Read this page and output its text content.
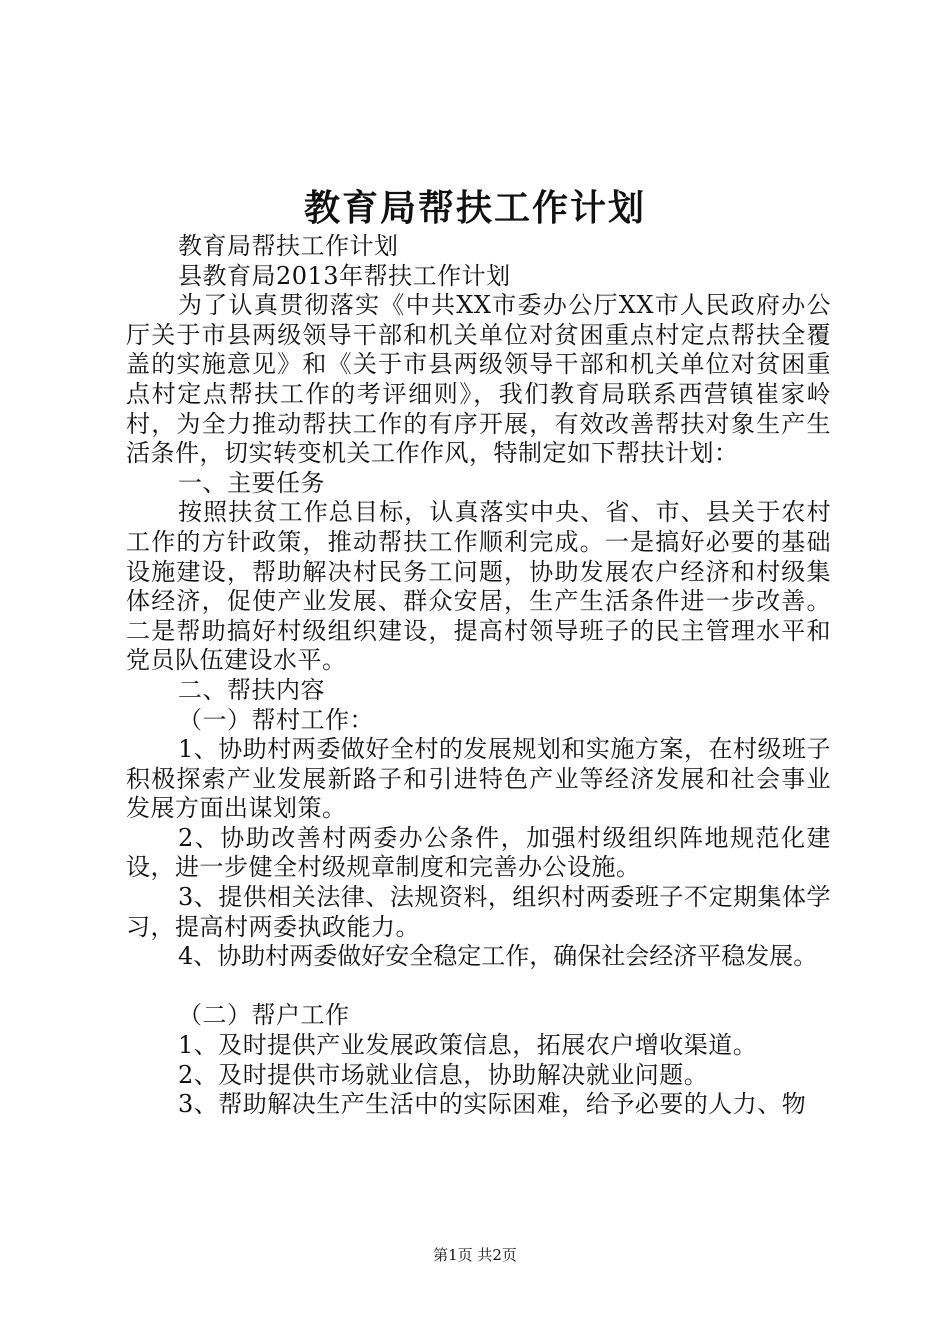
教育局帮扶工作计划

教育局帮扶工作计划

县教育局2013年帮扶工作计划

为了认真贯彻落实《中共XX市委办公厅XX市人民政府办公厅关于市县两级领导干部和机关单位对贫困重点村定点帮扶全覆盖的实施意见》和《关于市县两级领导干部和机关单位对贫困重点村定点帮扶工作的考评细则》，我们教育局联系西营镇崔家岭村，为全力推动帮扶工作的有序开展，有效改善帮扶对象生产生活条件，切实转变机关工作作风，特制定如下帮扶计划：

一、主要任务

按照扶贫工作总目标，认真落实中央、省、市、县关于农村工作的方针政策，推动帮扶工作顺利完成。一是搞好必要的基础设施建设，帮助解决村民务工问题，协助发展农户经济和村级集体经济，促使产业发展、群众安居，生产生活条件进一步改善。二是帮助搞好村级组织建设，提高村领导班子的民主管理水平和党员队伍建设水平。

二、帮扶内容

（一）帮村工作：

1、协助村两委做好全村的发展规划和实施方案，在村级班子积极探索产业发展新路子和引进特色产业等经济发展和社会事业发展方面出谋划策。

2、协助改善村两委办公条件，加强村级组织阵地规范化建设，进一步健全村级规章制度和完善办公设施。

3、提供相关法律、法规资料，组织村两委班子不定期集体学习，提高村两委执政能力。

4、协助村两委做好安全稳定工作，确保社会经济平稳发展。

（二）帮户工作

1、及时提供产业发展政策信息，拓展农户增收渠道。

2、及时提供市场就业信息，协助解决就业问题。

3、帮助解决生产生活中的实际困难，给予必要的人力、物

第1页 共2页
